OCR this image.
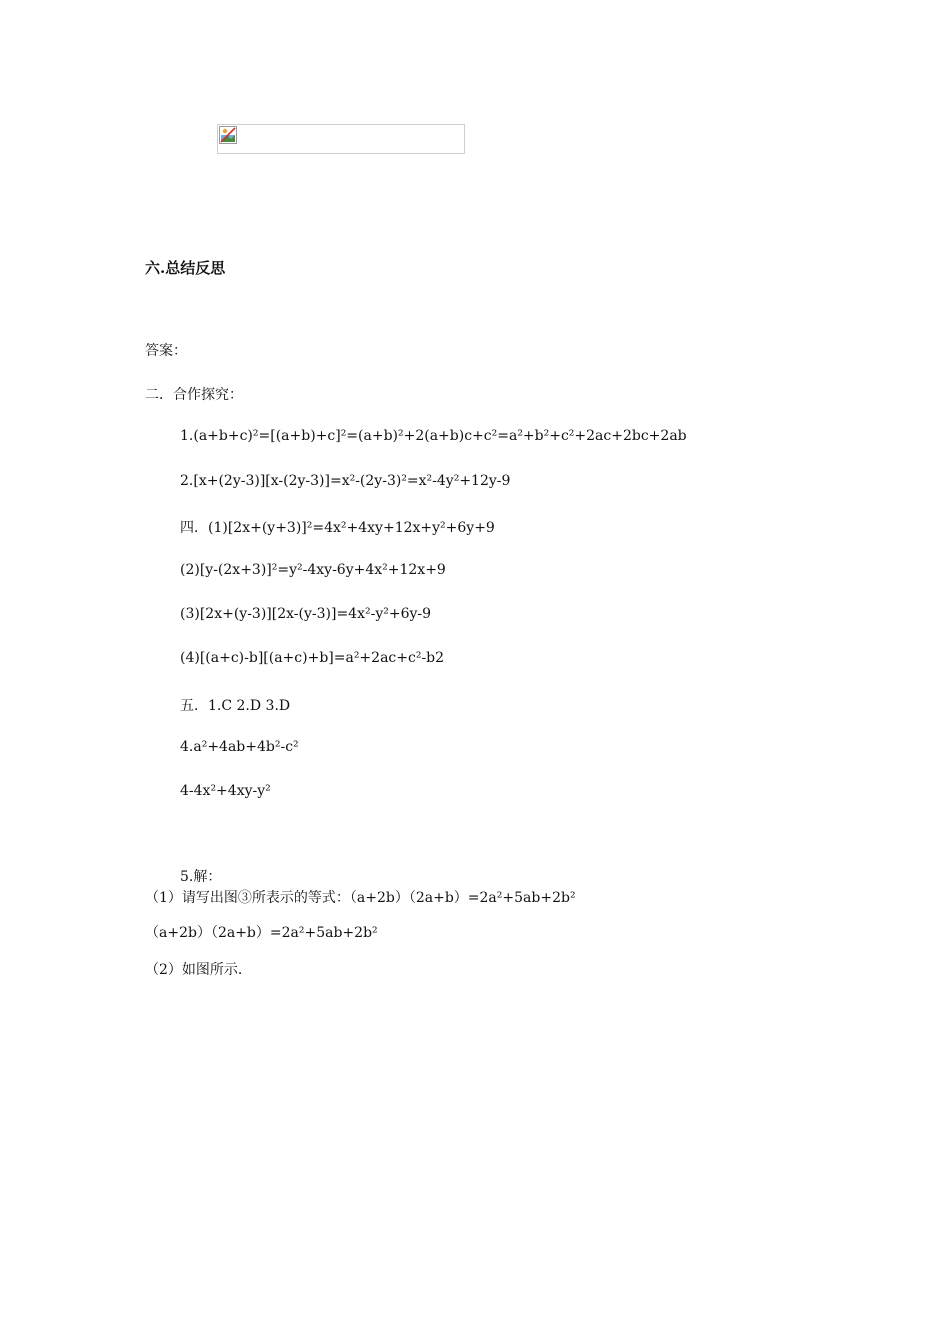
六.总结反思
答案：
二．合作探究：
1.(a+b+c)²=[(a+b)+c]²=(a+b)²+2(a+b)c+c²=a²+b²+c²+2ac+2bc+2ab
2.[x+(2y-3)][x-(2y-3)]=x²-(2y-3)²=x²-4y²+12y-9
四．(1)[2x+(y+3)]²=4x²+4xy+12x+y²+6y+9
(2)[y-(2x+3)]²=y²-4xy-6y+4x²+12x+9
(3)[2x+(y-3)][2x-(y-3)]=4x²-y²+6y-9
(4)[(a+c)-b][(a+c)+b]=a²+2ac+c²-b2
五．1.C 2.D 3.D
4.a²+4ab+4b²-c²
4-4x²+4xy-y²
5.解：
（1）请写出图③所表示的等式：（a+2b）（2a+b）=2a²+5ab+2b²
（a+2b）（2a+b）=2a²+5ab+2b²
（2）如图所示.
